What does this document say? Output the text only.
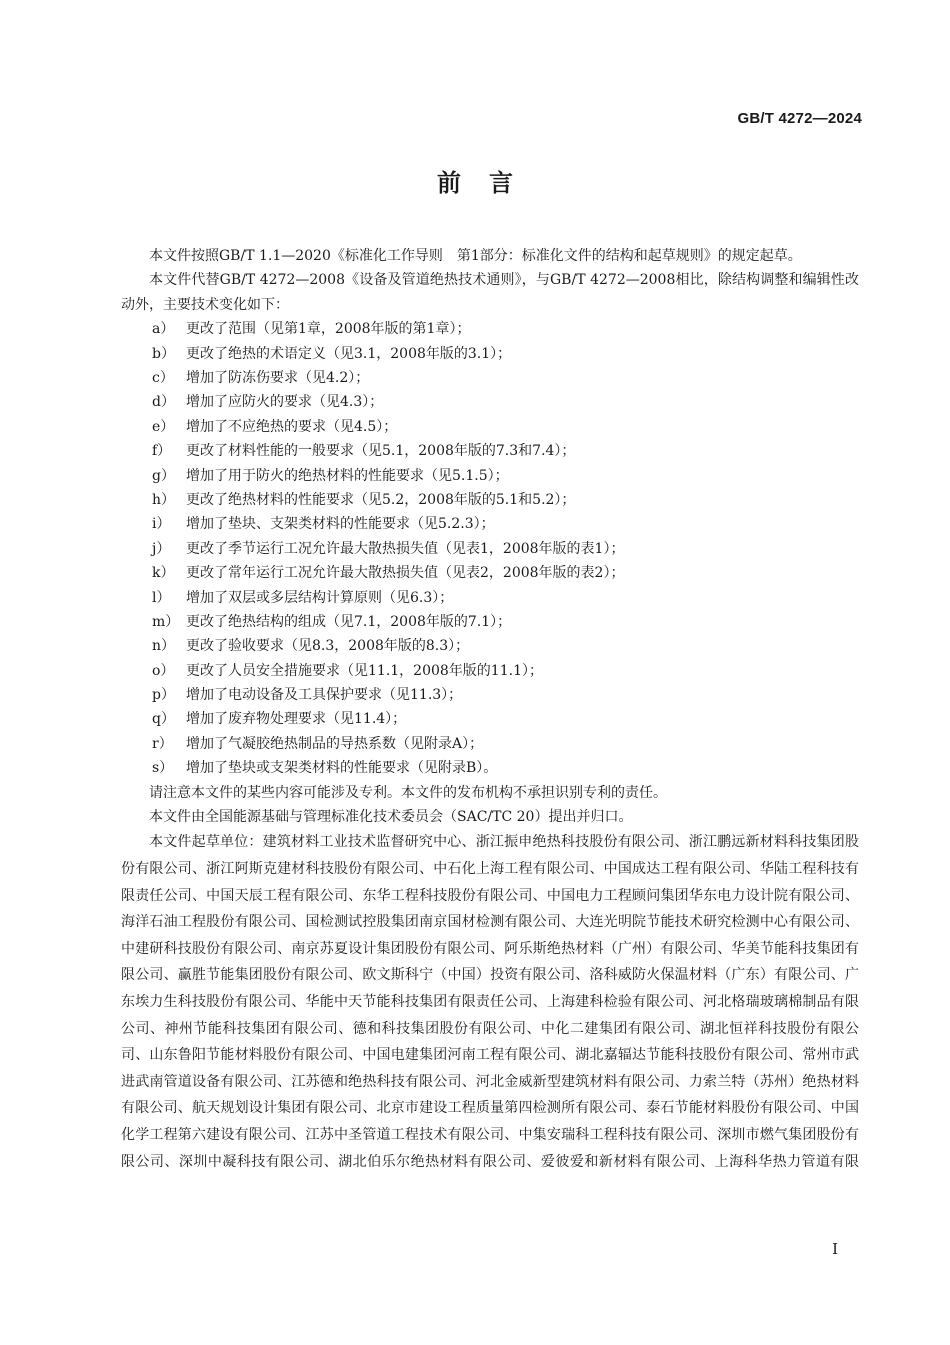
GB/T 4272—2024
前言

本文件按照GB/T 1.1—2020《标准化工作导则　第1部分：标准化文件的结构和起草规则》的规定起草。

本文件代替GB/T 4272—2008《设备及管道绝热技术通则》，与GB/T 4272—2008相比，除结构调整和编辑性改动外，主要技术变化如下：

a） 更改了范围（见第1章，2008年版的第1章）；
b） 更改了绝热的术语定义（见3.1，2008年版的3.1）；
c） 增加了防冻伤要求（见4.2）；
d） 增加了应防火的要求（见4.3）；
e） 增加了不应绝热的要求（见4.5）；
f） 更改了材料性能的一般要求（见5.1，2008年版的7.3和7.4）；
g） 增加了用于防火的绝热材料的性能要求（见5.1.5）；
h） 更改了绝热材料的性能要求（见5.2，2008年版的5.1和5.2）；
i） 增加了垫块、支架类材料的性能要求（见5.2.3）；
j） 更改了季节运行工况允许最大散热损失值（见表1，2008年版的表1）；
k） 更改了常年运行工况允许最大散热损失值（见表2，2008年版的表2）；
l） 增加了双层或多层结构计算原则（见6.3）；
m） 更改了绝热结构的组成（见7.1，2008年版的7.1）；
n） 更改了验收要求（见8.3，2008年版的8.3）；
o） 更改了人员安全措施要求（见11.1，2008年版的11.1）；
p） 增加了电动设备及工具保护要求（见11.3）；
q） 增加了废弃物处理要求（见11.4）；
r） 增加了气凝胶绝热制品的导热系数（见附录A）；
s） 增加了垫块或支架类材料的性能要求（见附录B）。

请注意本文件的某些内容可能涉及专利。本文件的发布机构不承担识别专利的责任。

本文件由全国能源基础与管理标准化技术委员会（SAC/TC 20）提出并归口。

本文件起草单位：建筑材料工业技术监督研究中心、浙江振申绝热科技股份有限公司、浙江鹏远新材料科技集团股份有限公司、浙江阿斯克建材科技股份有限公司、中石化上海工程有限公司、中国成达工程有限公司、华陆工程科技有限责任公司、中国天辰工程有限公司、东华工程科技股份有限公司、中国电力工程顾问集团华东电力设计院有限公司、海洋石油工程股份有限公司、国检测试控股集团南京国材检测有限公司、大连光明院节能技术研究检测中心有限公司、中建研科技股份有限公司、南京苏夏设计集团股份有限公司、阿乐斯绝热材料（广州）有限公司、华美节能科技集团有限公司、赢胜节能集团股份有限公司、欧文斯科宁（中国）投资有限公司、洛科威防火保温材料（广东）有限公司、广东埃力生科技股份有限公司、华能中天节能科技集团有限责任公司、上海建科检验有限公司、河北格瑞玻璃棉制品有限公司、神州节能科技集团有限公司、德和科技集团股份有限公司、中化二建集团有限公司、湖北恒祥科技股份有限公司、山东鲁阳节能材料股份有限公司、中国电建集团河南工程有限公司、湖北嘉辐达节能科技股份有限公司、常州市武进武南管道设备有限公司、江苏德和绝热科技有限公司、河北金威新型建筑材料有限公司、力索兰特（苏州）绝热材料有限公司、航天规划设计集团有限公司、北京市建设工程质量第四检测所有限公司、泰石节能材料股份有限公司、中国化学工程第六建设有限公司、江苏中圣管道工程技术有限公司、中集安瑞科工程科技有限公司、深圳市燃气集团股份有限公司、深圳中凝科技有限公司、湖北伯乐尔绝热材料有限公司、爱彼爱和新材料有限公司、上海科华热力管道有限

I
